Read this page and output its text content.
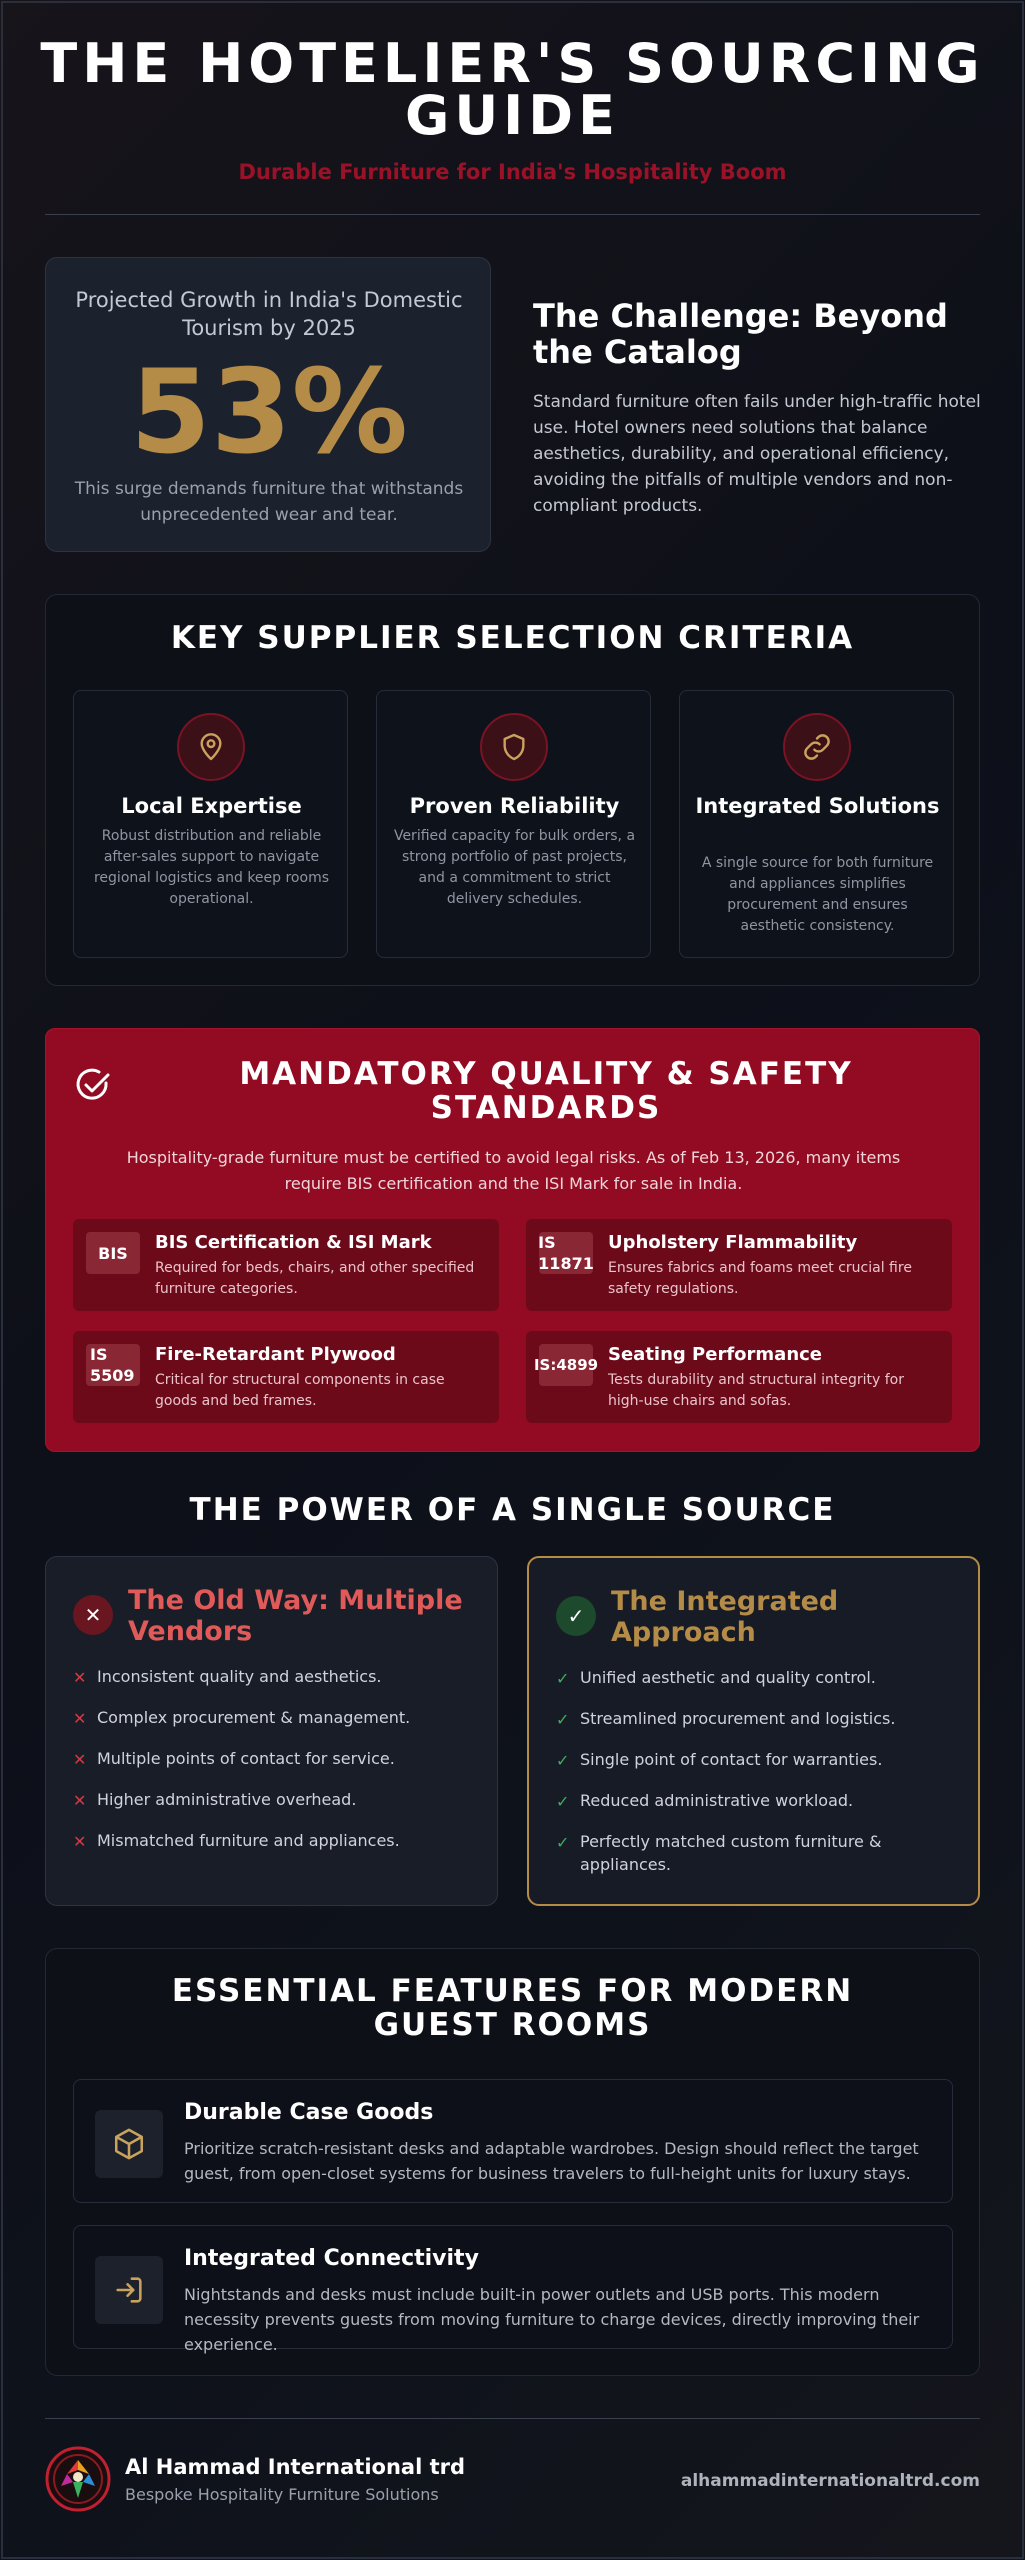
THE HOTELIER'S SOURCING GUIDE
Durable Furniture for India's Hospitality Boom
Projected Growth in India's Domestic Tourism by 2025
53%
This surge demands furniture that withstands unprecedented wear and tear.
The Challenge: Beyond the Catalog

Standard furniture often fails under high-traffic hotel use. Hotel owners need solutions that balance aesthetics, durability, and operational efficiency, avoiding the pitfalls of multiple vendors and non-compliant products.

KEY SUPPLIER SELECTION CRITERIA
Local Expertise
Robust distribution and reliable after-sales support to navigate regional logistics and keep rooms operational.
Proven Reliability
Verified capacity for bulk orders, a strong portfolio of past projects, and a commitment to strict delivery schedules.
Integrated Solutions
A single source for both furniture and appliances simplifies procurement and ensures aesthetic consistency.
MANDATORY QUALITY & SAFETY STANDARDS

Hospitality-grade furniture must be certified to avoid legal risks. As of Feb 13, 2026, many items require BIS certification and the ISI Mark for sale in India.

BIS	BIS Certification & ISI Mark
Required for beds, chairs, and other specified furniture categories.
IS 11871
Upholstery Flammability
Ensures fabrics and foams meet crucial fire safety regulations.
IS 5509
Fire-Retardant Plywood
Critical for structural components in case goods and bed frames.
IS:4899 Seating Performance
Tests durability and structural integrity for high-use chairs and sofas.
THE POWER OF A SINGLE SOURCE
✕ The Old Way: Multiple Vendors
✕ Inconsistent quality and aesthetics.
✕ Complex procurement & management.
✕ Multiple points of contact for service.
✕ Higher administrative overhead.
✕ Mismatched furniture and appliances.
✓ The Integrated Approach
✓ Unified aesthetic and quality control.
✓ Streamlined procurement and logistics.
✓ Single point of contact for warranties.
✓ Reduced administrative workload.
✓ Perfectly matched custom furniture & appliances.
ESSENTIAL FEATURES FOR MODERN GUEST ROOMS
Durable Case Goods
Prioritize scratch-resistant desks and adaptable wardrobes. Design should reflect the target guest, from open-closet systems for business travelers to full-height units for luxury stays.
Integrated Connectivity
Nightstands and desks must include built-in power outlets and USB ports. This modern necessity prevents guests from moving furniture to charge devices, directly improving their experience.
Al Hammad International trd
Bespoke Hospitality Furniture Solutions
alhammadinternationaltrd.com
